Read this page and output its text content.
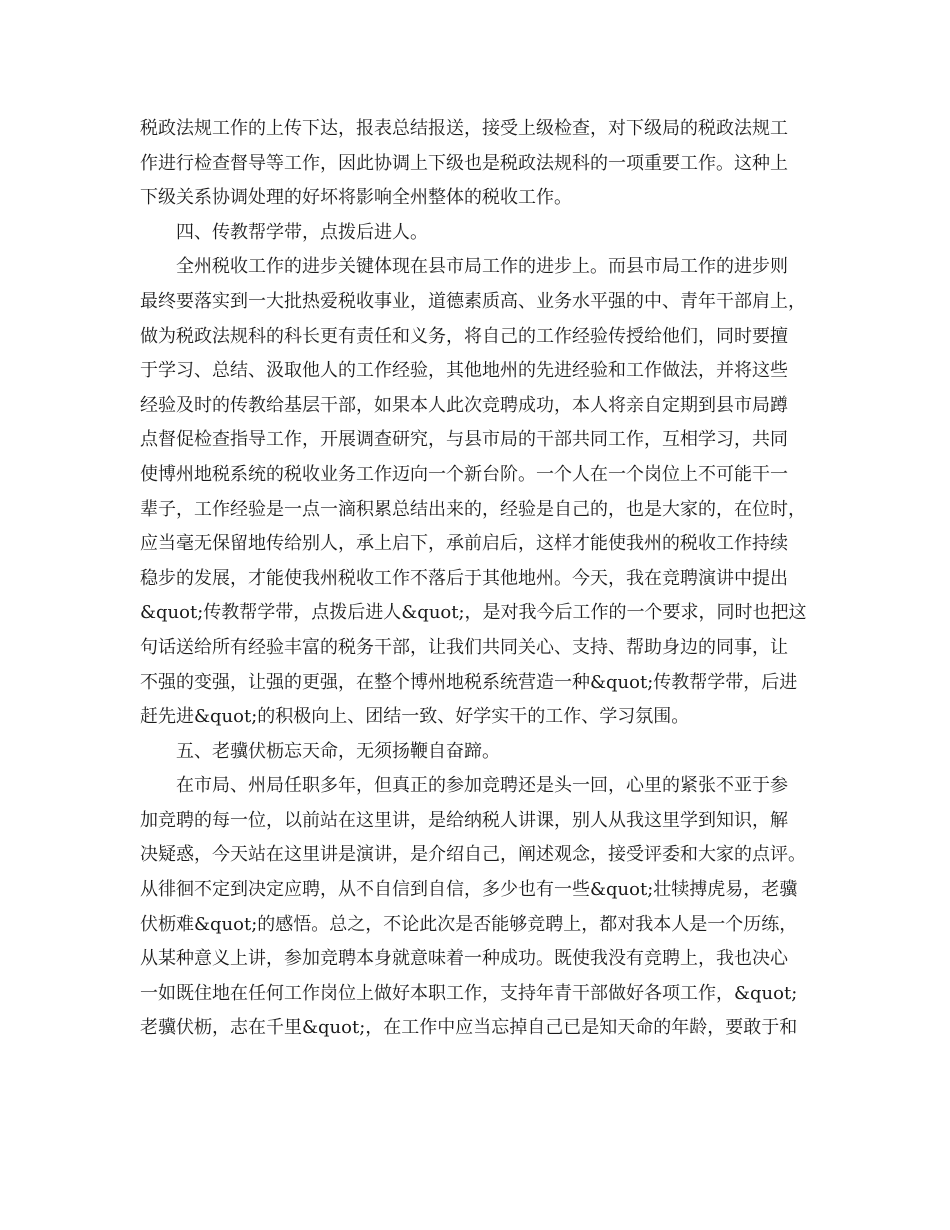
税政法规工作的上传下达，报表总结报送，接受上级检查，对下级局的税政法规工
作进行检查督导等工作，因此协调上下级也是税政法规科的一项重要工作。这种上
下级关系协调处理的好坏将影响全州整体的税收工作。
四、传教帮学带，点拨后进人。
全州税收工作的进步关键体现在县市局工作的进步上。而县市局工作的进步则
最终要落实到一大批热爱税收事业，道德素质高、业务水平强的中、青年干部肩上，
做为税政法规科的科长更有责任和义务，将自己的工作经验传授给他们，同时要擅
于学习、总结、汲取他人的工作经验，其他地州的先进经验和工作做法，并将这些
经验及时的传教给基层干部，如果本人此次竞聘成功，本人将亲自定期到县市局蹲
点督促检查指导工作，开展调查研究，与县市局的干部共同工作，互相学习，共同
使博州地税系统的税收业务工作迈向一个新台阶。一个人在一个岗位上不可能干一
辈子，工作经验是一点一滴积累总结出来的，经验是自己的，也是大家的，在位时，
应当毫无保留地传给别人，承上启下，承前启后，这样才能使我州的税收工作持续
稳步的发展，才能使我州税收工作不落后于其他地州。今天，我在竞聘演讲中提出
&quot;传教帮学带，点拨后进人&quot;，是对我今后工作的一个要求，同时也把这
句话送给所有经验丰富的税务干部，让我们共同关心、支持、帮助身边的同事，让
不强的变强，让强的更强，在整个博州地税系统营造一种&quot;传教帮学带，后进
赶先进&quot;的积极向上、团结一致、好学实干的工作、学习氛围。
五、老骥伏枥忘天命，无须扬鞭自奋蹄。
在市局、州局任职多年，但真正的参加竞聘还是头一回，心里的紧张不亚于参
加竞聘的每一位，以前站在这里讲，是给纳税人讲课，别人从我这里学到知识，解
决疑惑，今天站在这里讲是演讲，是介绍自己，阐述观念，接受评委和大家的点评。
从徘徊不定到决定应聘，从不自信到自信，多少也有一些&quot;壮犊搏虎易，老骥
伏枥难&quot;的感悟。总之，不论此次是否能够竞聘上，都对我本人是一个历练，
从某种意义上讲，参加竞聘本身就意味着一种成功。既使我没有竞聘上，我也决心
一如既住地在任何工作岗位上做好本职工作，支持年青干部做好各项工作，&quot;
老骥伏枥，志在千里&quot;，在工作中应当忘掉自己已是知天命的年龄，要敢于和
